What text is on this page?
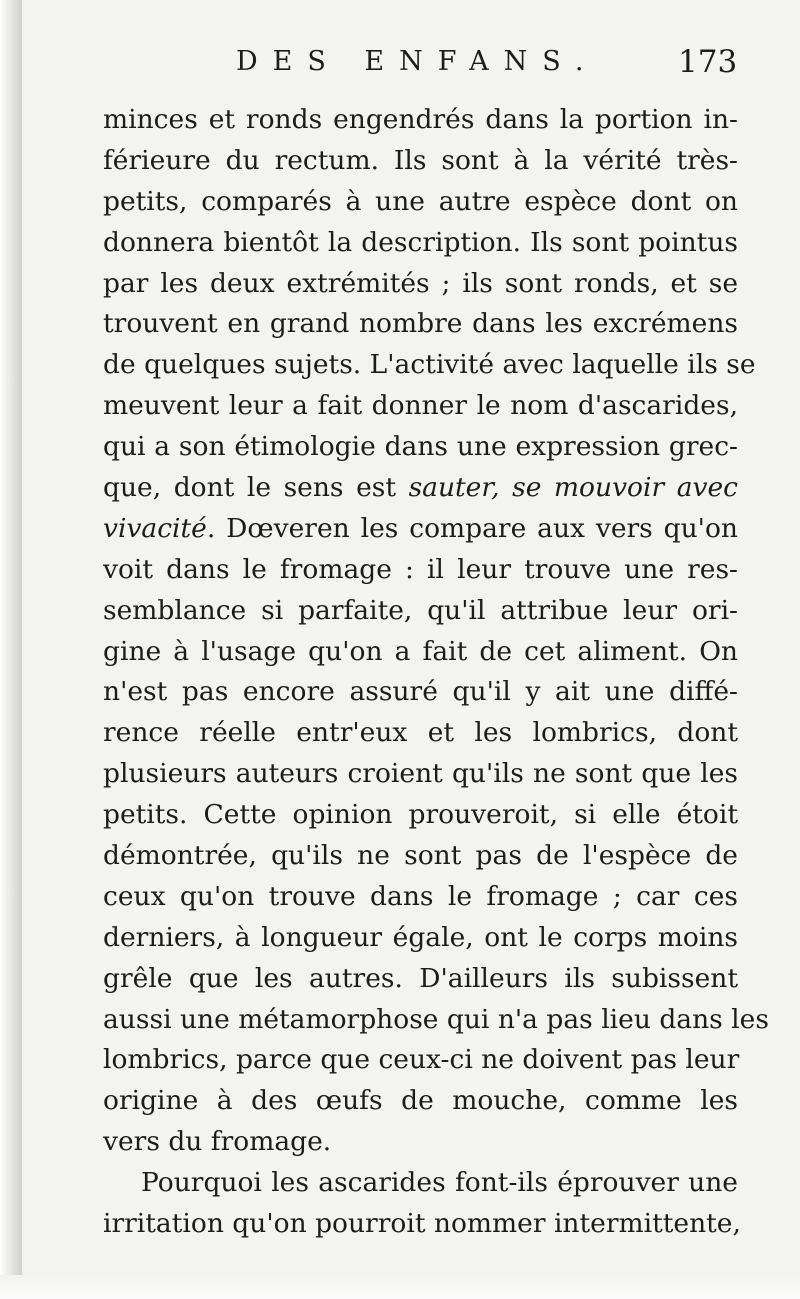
DES ENFANS.	173
minces et ronds engendrés dans la portion in-
férieure du rectum. Ils sont à la vérité très-
petits, comparés à une autre espèce dont on
donnera bientôt la description. Ils sont pointus
par les deux extrémités ; ils sont ronds, et se
trouvent en grand nombre dans les excrémens
de quelques sujets. L'activité avec laquelle ils se
meuvent leur a fait donner le nom d'ascarides,
qui a son étimologie dans une expression grec-
que, dont le sens est sauter, se mouvoir avec
vivacité. Dœveren les compare aux vers qu'on
voit dans le fromage : il leur trouve une res-
semblance si parfaite, qu'il attribue leur ori-
gine à l'usage qu'on a fait de cet aliment. On
n'est pas encore assuré qu'il y ait une diffé-
rence réelle entr'eux et les lombrics, dont
plusieurs auteurs croient qu'ils ne sont que les
petits. Cette opinion prouveroit, si elle étoit
démontrée, qu'ils ne sont pas de l'espèce de
ceux qu'on trouve dans le fromage ; car ces
derniers, à longueur égale, ont le corps moins
grêle que les autres. D'ailleurs ils subissent
aussi une métamorphose qui n'a pas lieu dans les
lombrics, parce que ceux-ci ne doivent pas leur
origine à des œufs de mouche, comme les
vers du fromage.
Pourquoi les ascarides font-ils éprouver une
irritation qu'on pourroit nommer intermittente,
